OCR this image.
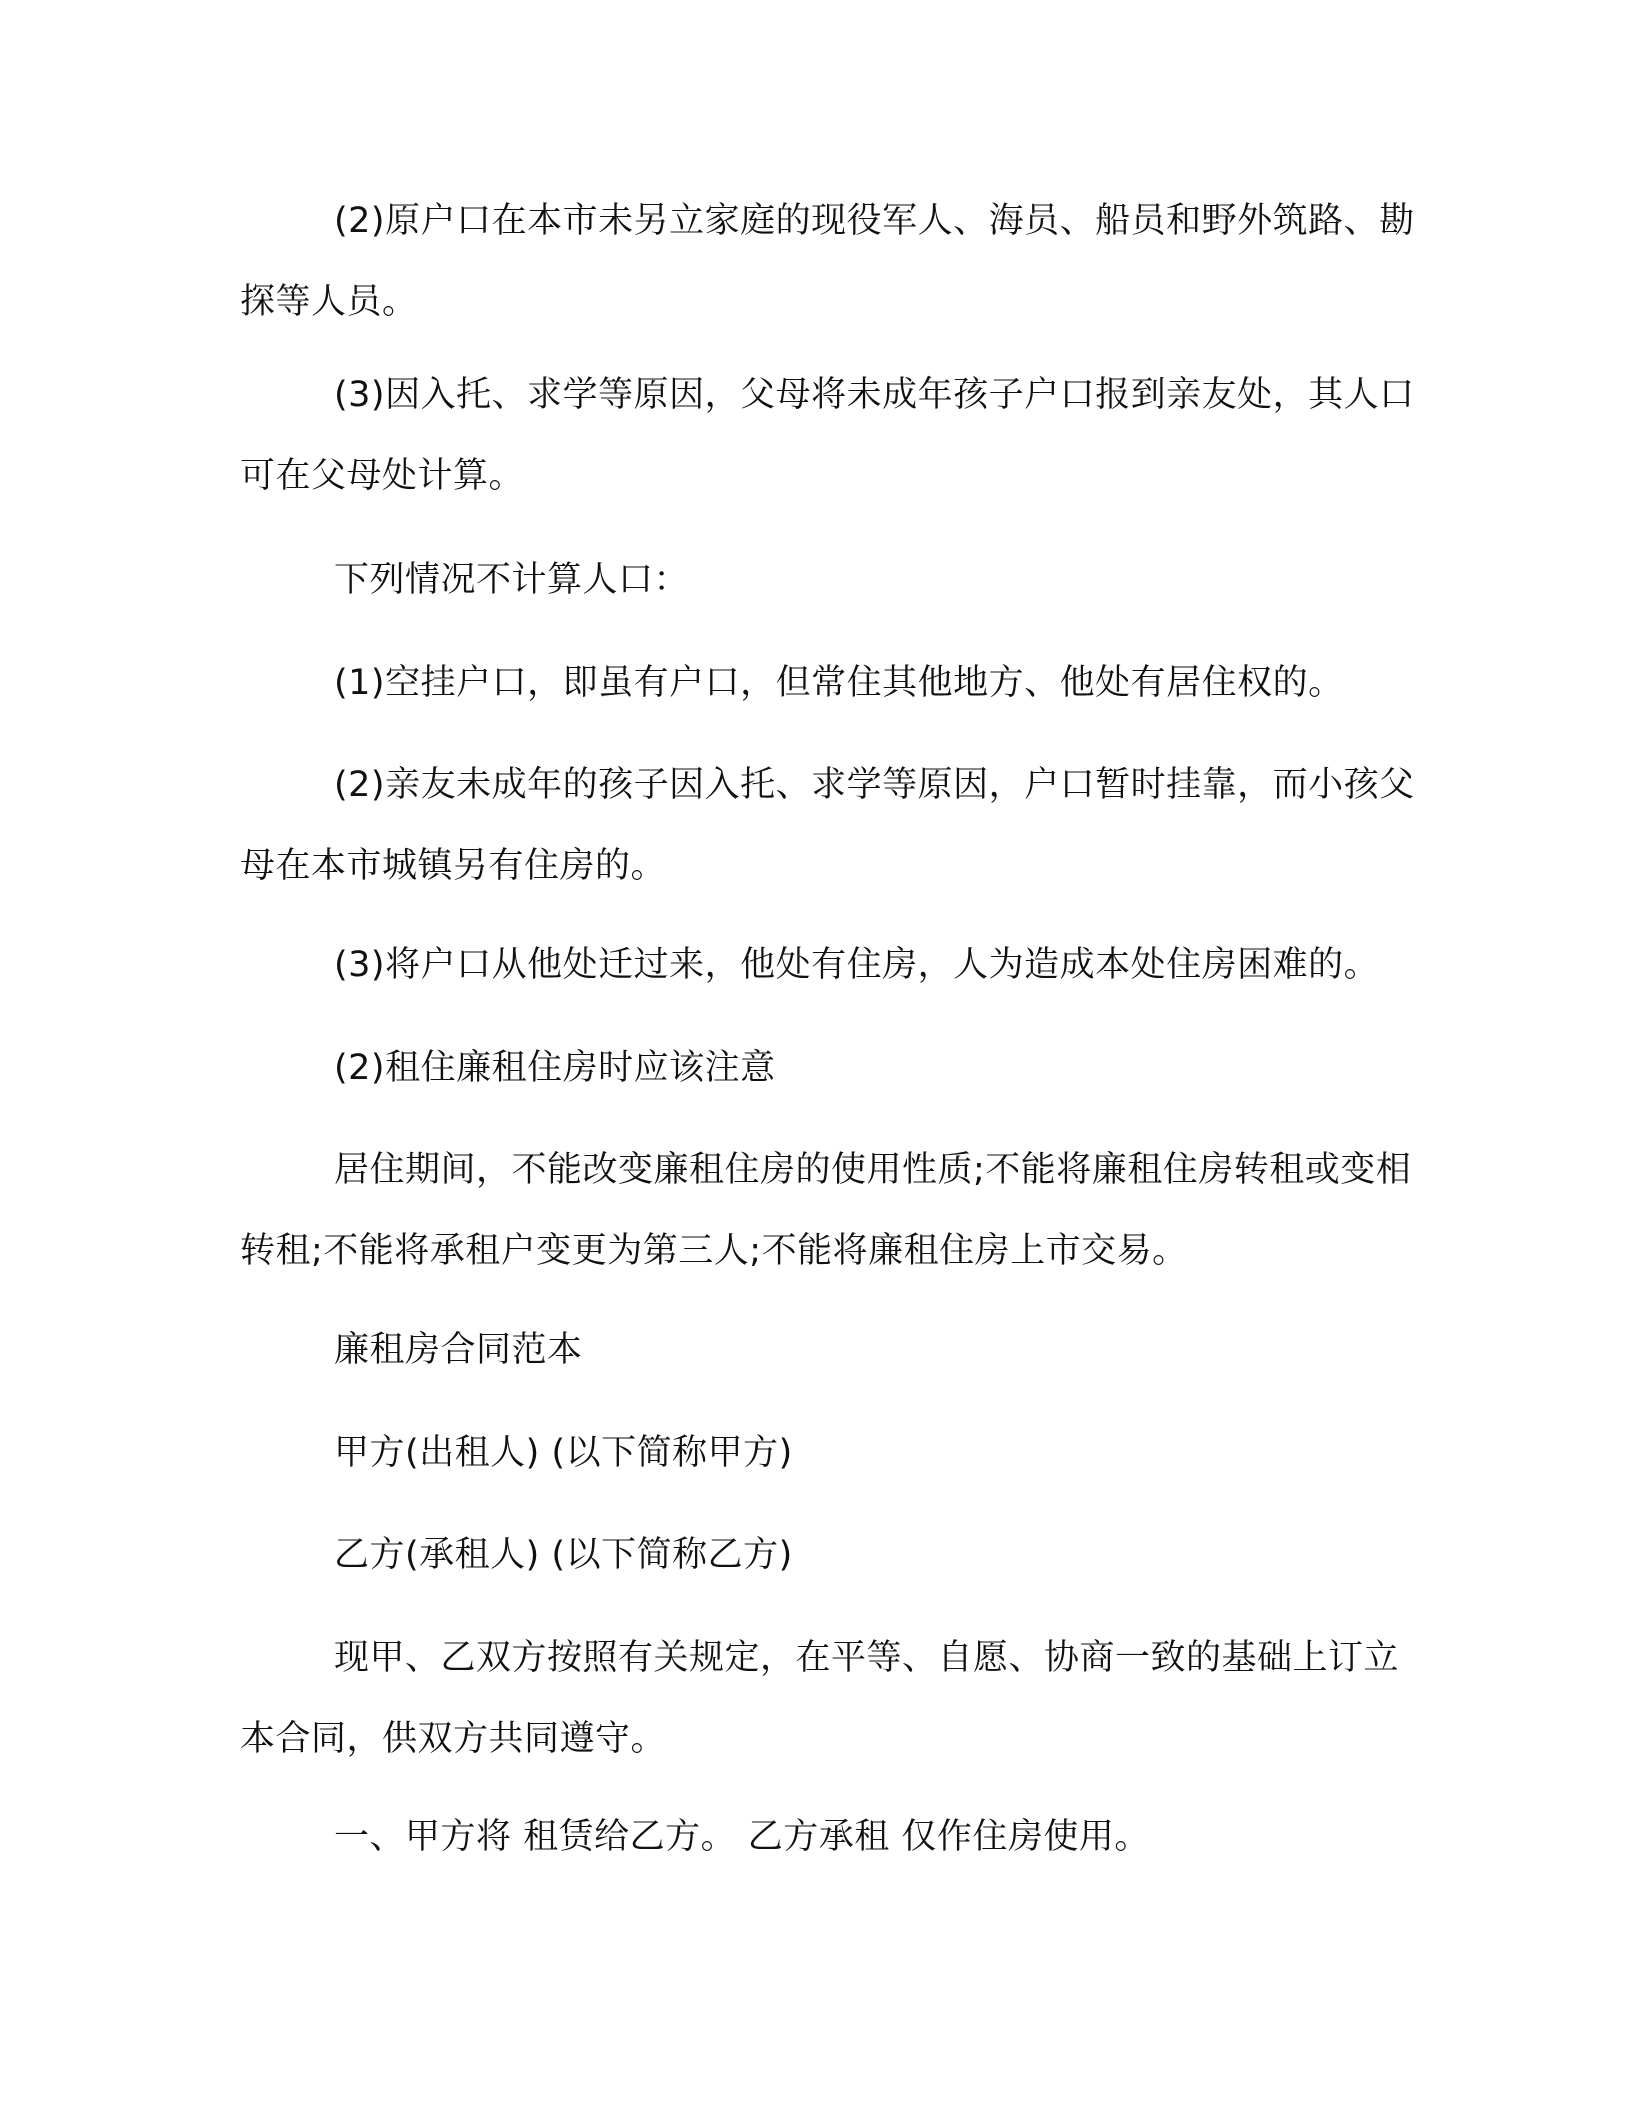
(2)原户口在本市未另立家庭的现役军人、海员、船员和野外筑路、勘探等人员。

(3)因入托、求学等原因，父母将未成年孩子户口报到亲友处，其人口可在父母处计算。

下列情况不计算人口：

(1)空挂户口，即虽有户口，但常住其他地方、他处有居住权的。

(2)亲友未成年的孩子因入托、求学等原因，户口暂时挂靠，而小孩父母在本市城镇另有住房的。

(3)将户口从他处迁过来，他处有住房，人为造成本处住房困难的。

(2)租住廉租住房时应该注意

居住期间，不能改变廉租住房的使用性质;不能将廉租住房转租或变相转租;不能将承租户变更为第三人;不能将廉租住房上市交易。

廉租房合同范本

甲方(出租人) (以下简称甲方)

乙方(承租人) (以下简称乙方)

现甲、乙双方按照有关规定，在平等、自愿、协商一致的基础上订立本合同，供双方共同遵守。

一、甲方将 租赁给乙方。 乙方承租 仅作住房使用。
